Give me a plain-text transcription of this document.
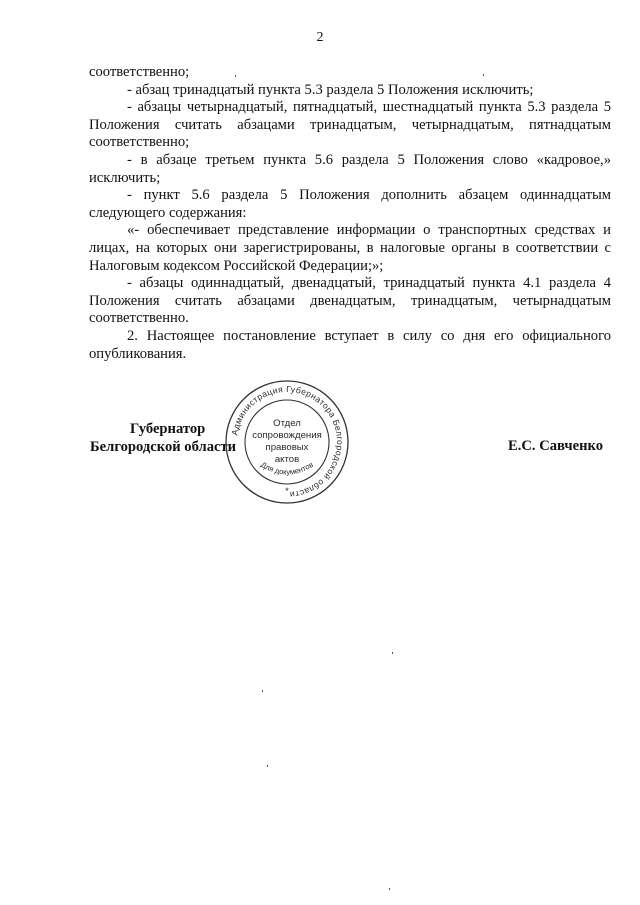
2

соответственно;

- абзац тринадцатый пункта 5.3 раздела 5 Положения исключить;

- абзацы четырнадцатый, пятнадцатый, шестнадцатый пункта 5.3 раздела 5 Положения считать абзацами тринадцатым, четырнадцатым, пятнадцатым соответственно;

- в абзаце третьем пункта 5.6 раздела 5 Положения слово «кадровое,» исключить;

- пункт 5.6 раздела 5 Положения дополнить абзацем одиннадцатым следующего содержания:

«- обеспечивает представление информации о транспортных средствах и лицах, на которых они зарегистрированы, в налоговые органы в соответствии с Налоговым кодексом Российской Федерации;»;

- абзацы одиннадцатый, двенадцатый, тринадцатый пункта 4.1 раздела 4 Положения считать абзацами двенадцатым, тринадцатым, четырнадцатым соответственно.

2. Настоящее постановление вступает в силу со дня его официального опубликования.

Губернатор
Белгородской области	Е.С. Савченко
Администрация Губернатора Белгородской области
Отдел
сопровождения
правовых
актов
Для документов
*
